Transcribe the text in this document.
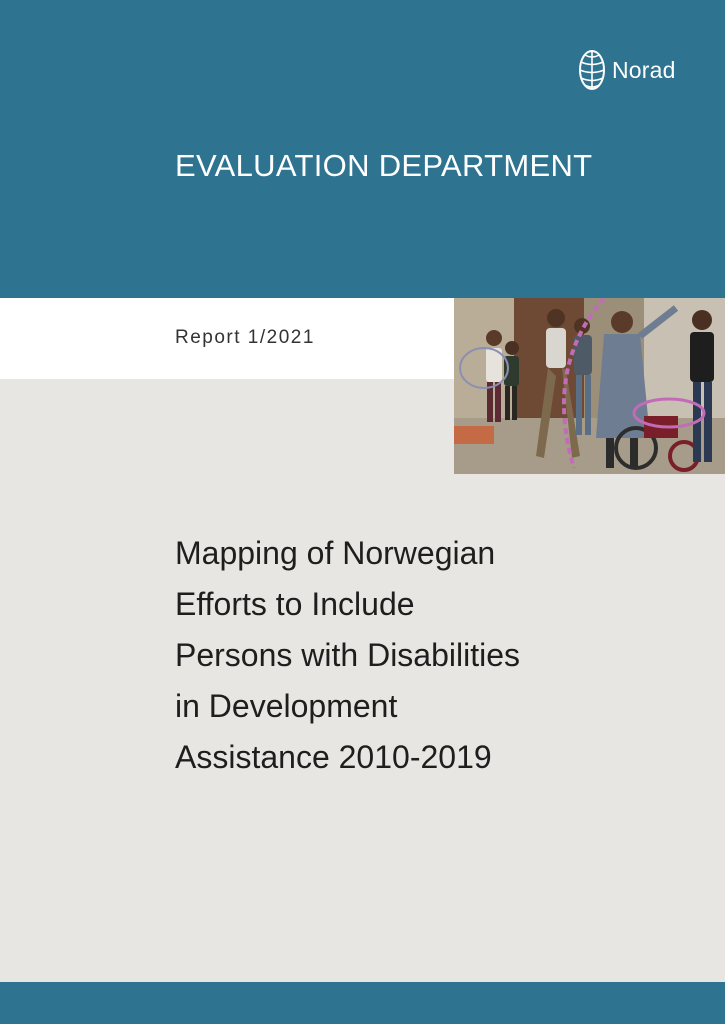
Norad
EVALUATION DEPARTMENT
Report 1/2021
Mapping of Norwegian
Efforts to Include
Persons with Disabilities
in Development
Assistance 2010-2019
